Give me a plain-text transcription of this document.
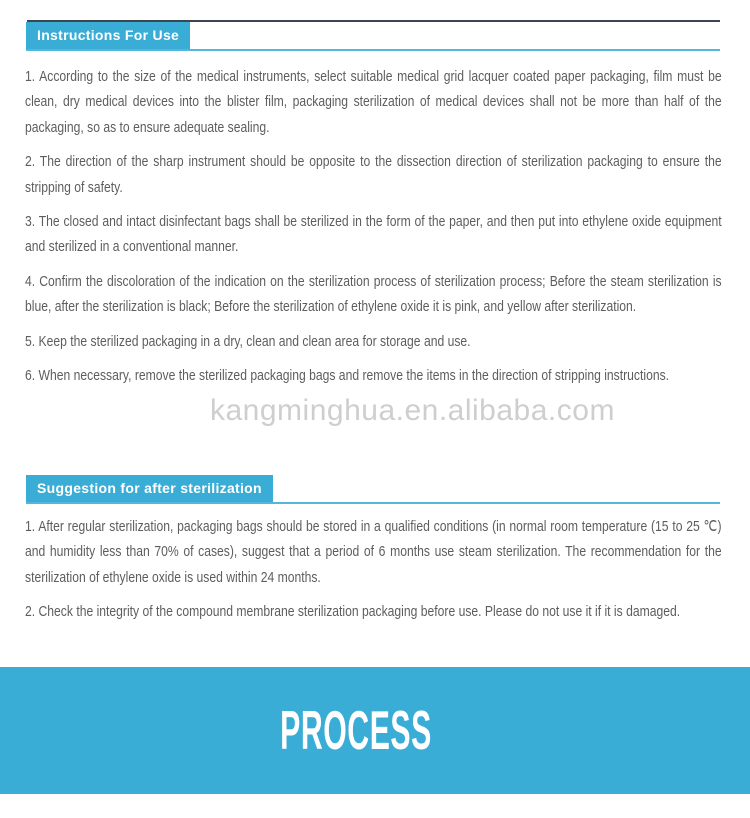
Instructions For Use

1. According to the size of the medical instruments, select suitable medical grid lacquer coated paper packaging, film must be clean, dry medical devices into the blister film, packaging sterilization of medical devices shall not be more than half of the packaging, so as to ensure adequate sealing.

2. The direction of the sharp instrument should be opposite to the dissection direction of sterilization packaging to ensure the stripping of safety.

3. The closed and intact disinfectant bags shall be sterilized in the form of the paper, and then put into ethylene oxide equipment and sterilized in a conventional manner.

4. Confirm the discoloration of the indication on the sterilization process of sterilization process; Before the steam sterilization is blue, after the sterilization is black; Before the sterilization of ethylene oxide it is pink, and yellow after sterilization.

5. Keep the sterilized packaging in a dry, clean and clean area for storage and use.

6. When necessary, remove the sterilized packaging bags and remove the items in the direction of stripping instructions.

kangminghua.en.alibaba.com
Suggestion for after sterilization

1. After regular sterilization, packaging bags should be stored in a qualified conditions (in normal room temperature (15 to 25 ℃) and humidity less than 70% of cases), suggest that a period of 6 months use steam sterilization. The recommendation for the sterilization of ethylene oxide is used within 24 months.

2. Check the integrity of the compound membrane sterilization packaging before use. Please do not use it if it is damaged.

PROCESS
